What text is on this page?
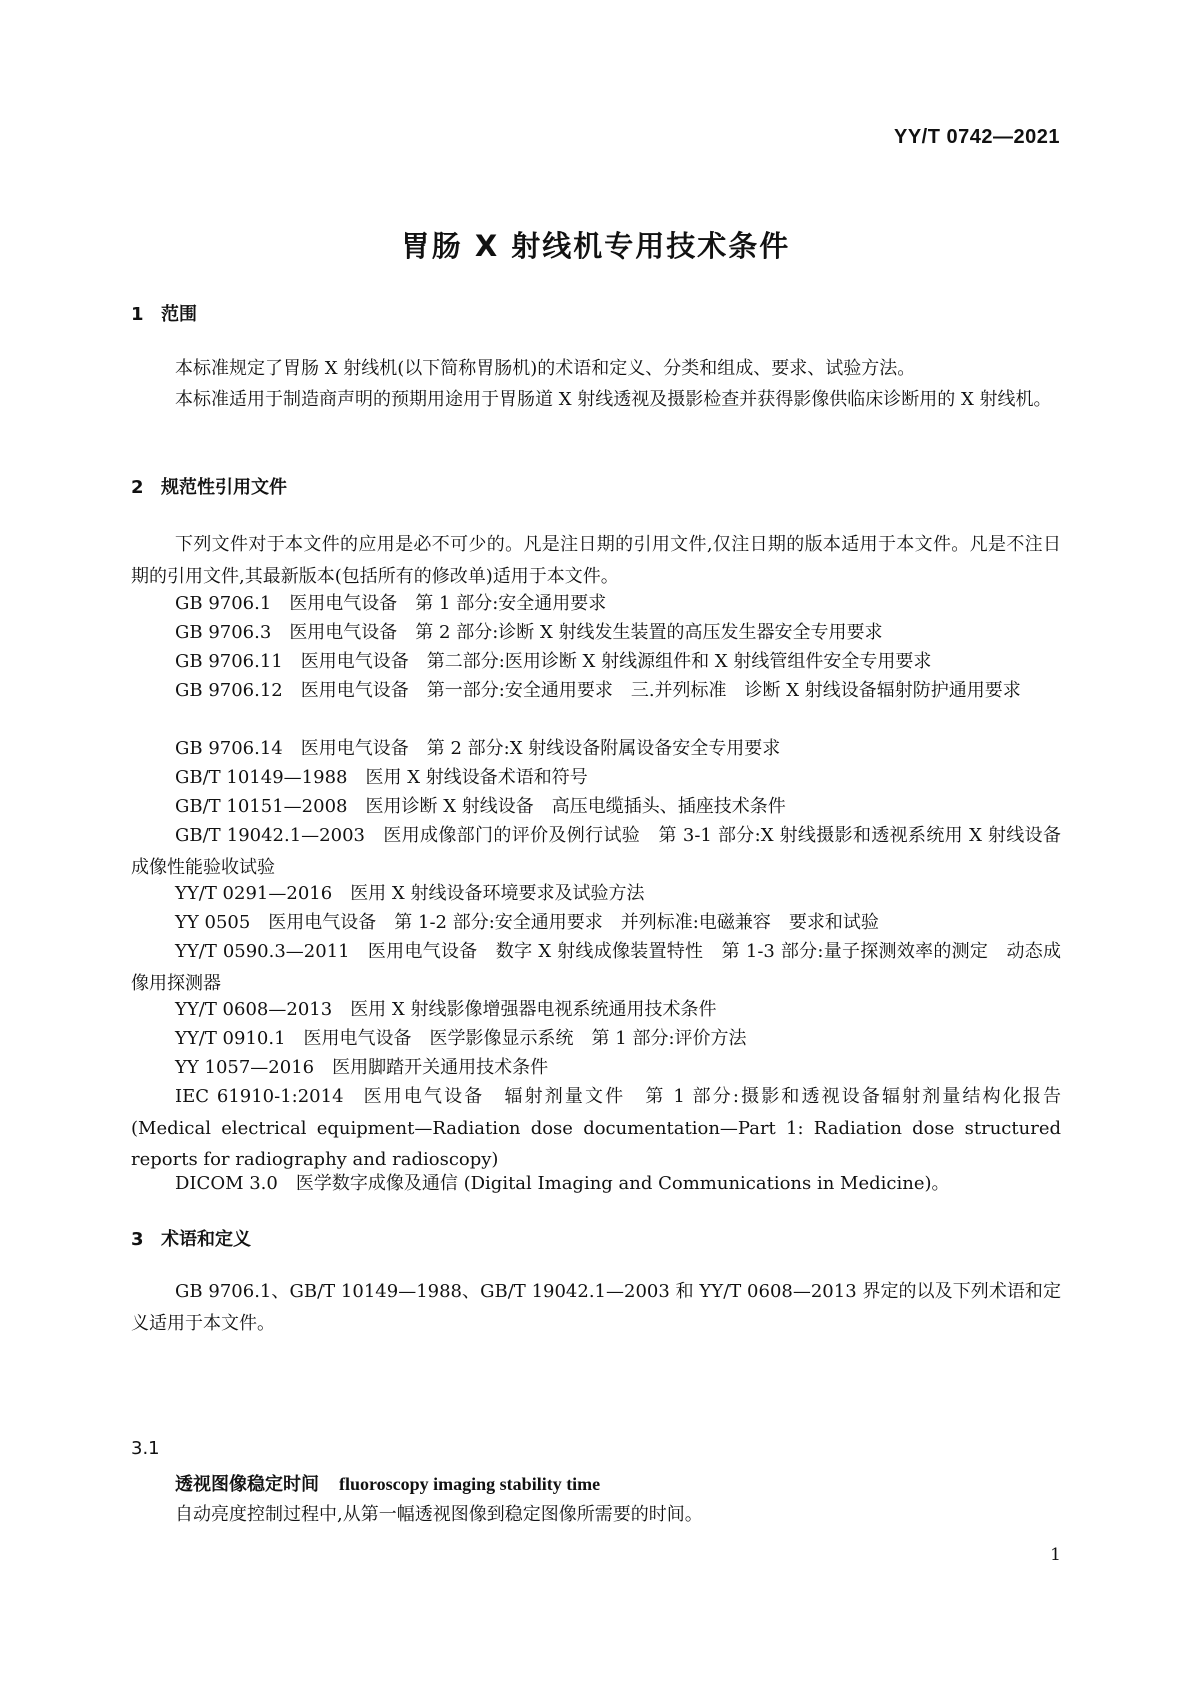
YY/T 0742—2021
胃肠 X 射线机专用技术条件
1 范围
本标准规定了胃肠 X 射线机(以下简称胃肠机)的术语和定义、分类和组成、要求、试验方法。
本标准适用于制造商声明的预期用途用于胃肠道 X 射线透视及摄影检查并获得影像供临床诊断用的 X 射线机。
2 规范性引用文件
下列文件对于本文件的应用是必不可少的。凡是注日期的引用文件,仅注日期的版本适用于本文件。凡是不注日期的引用文件,其最新版本(包括所有的修改单)适用于本文件。
GB 9706.1 医用电气设备　第 1 部分:安全通用要求
GB 9706.3 医用电气设备　第 2 部分:诊断 X 射线发生装置的高压发生器安全专用要求
GB 9706.11 医用电气设备　第二部分:医用诊断 X 射线源组件和 X 射线管组件安全专用要求
GB 9706.12 医用电气设备　第一部分:安全通用要求　三.并列标准　诊断 X 射线设备辐射防护通用要求
GB 9706.14 医用电气设备　第 2 部分:X 射线设备附属设备安全专用要求
GB/T 10149—1988 医用 X 射线设备术语和符号
GB/T 10151—2008 医用诊断 X 射线设备　高压电缆插头、插座技术条件
GB/T 19042.1—2003 医用成像部门的评价及例行试验　第 3-1 部分:X 射线摄影和透视系统用 X 射线设备成像性能验收试验
YY/T 0291—2016 医用 X 射线设备环境要求及试验方法
YY 0505 医用电气设备　第 1-2 部分:安全通用要求　并列标准:电磁兼容　要求和试验
YY/T 0590.3—2011 医用电气设备　数字 X 射线成像装置特性　第 1-3 部分:量子探测效率的测定　动态成像用探测器
YY/T 0608—2013 医用 X 射线影像增强器电视系统通用技术条件
YY/T 0910.1 医用电气设备　医学影像显示系统　第 1 部分:评价方法
YY 1057—2016 医用脚踏开关通用技术条件
IEC 61910-1:2014 医用电气设备　辐射剂量文件　第 1 部分:摄影和透视设备辐射剂量结构化报告(Medical electrical equipment—Radiation dose documentation—Part 1: Radiation dose structured reports for radiography and radioscopy)
DICOM 3.0 医学数字成像及通信 (Digital Imaging and Communications in Medicine)。
3 术语和定义
GB 9706.1、GB/T 10149—1988、GB/T 19042.1—2003 和 YY/T 0608—2013 界定的以及下列术语和定义适用于本文件。
3.1
透视图像稳定时间 fluoroscopy imaging stability time
自动亮度控制过程中,从第一幅透视图像到稳定图像所需要的时间。
1
